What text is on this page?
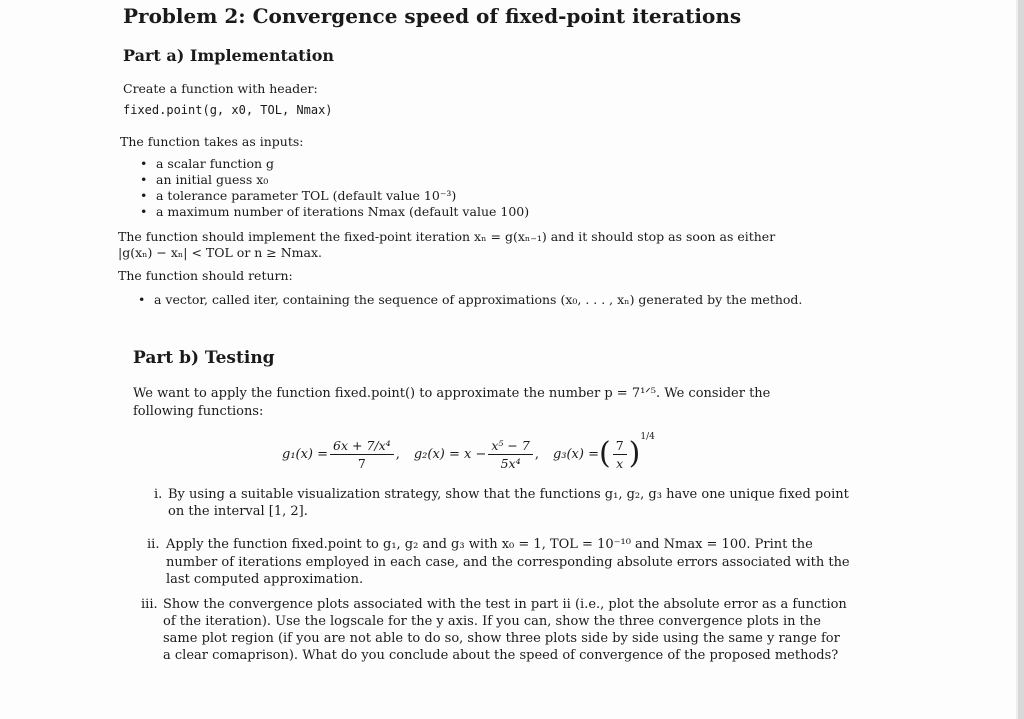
Problem 2: Convergence speed of fixed-point iterations
Part a) Implementation
Create a function with header:
fixed.point(g, x0, TOL, Nmax)
The function takes as inputs:
• a scalar function g
• an initial guess x₀
• a tolerance parameter TOL (default value 10⁻³)
• a maximum number of iterations Nmax (default value 100)
The function should implement the fixed-point iteration xₙ = g(xₙ₋₁) and it should stop as soon as either
|g(xₙ) − xₙ| < TOL or n ≥ Nmax.
The function should return:
• a vector, called iter, containing the sequence of approximations (x₀, . . . , xₙ) generated by the method.
Part b) Testing
We want to apply the function fixed.point() to approximate the number p = 7¹ᐟ⁵. We consider the
following functions:
$g_1(x) = \frac{\text{6x + 7/x⁴}}{7}$ , $g_2(x) = x - \frac{\text{x⁵ − 7}}{\text{5x⁴}}$ , g₃(x) = ( $\frac{7}{x}$ ) 1/4
i. By using a suitable visualization strategy, show that the functions g₁, g₂, g₃ have one unique fixed point
on the interval [1, 2].
ii. Apply the function fixed.point to g₁, g₂ and g₃ with x₀ = 1, TOL = 10⁻¹⁰ and Nmax = 100. Print the
number of iterations employed in each case, and the corresponding absolute errors associated with the
last computed approximation.
iii. Show the convergence plots associated with the test in part ii (i.e., plot the absolute error as a function
of the iteration). Use the logscale for the y axis. If you can, show the three convergence plots in the
same plot region (if you are not able to do so, show three plots side by side using the same y range for
a clear comaprison). What do you conclude about the speed of convergence of the proposed methods?
